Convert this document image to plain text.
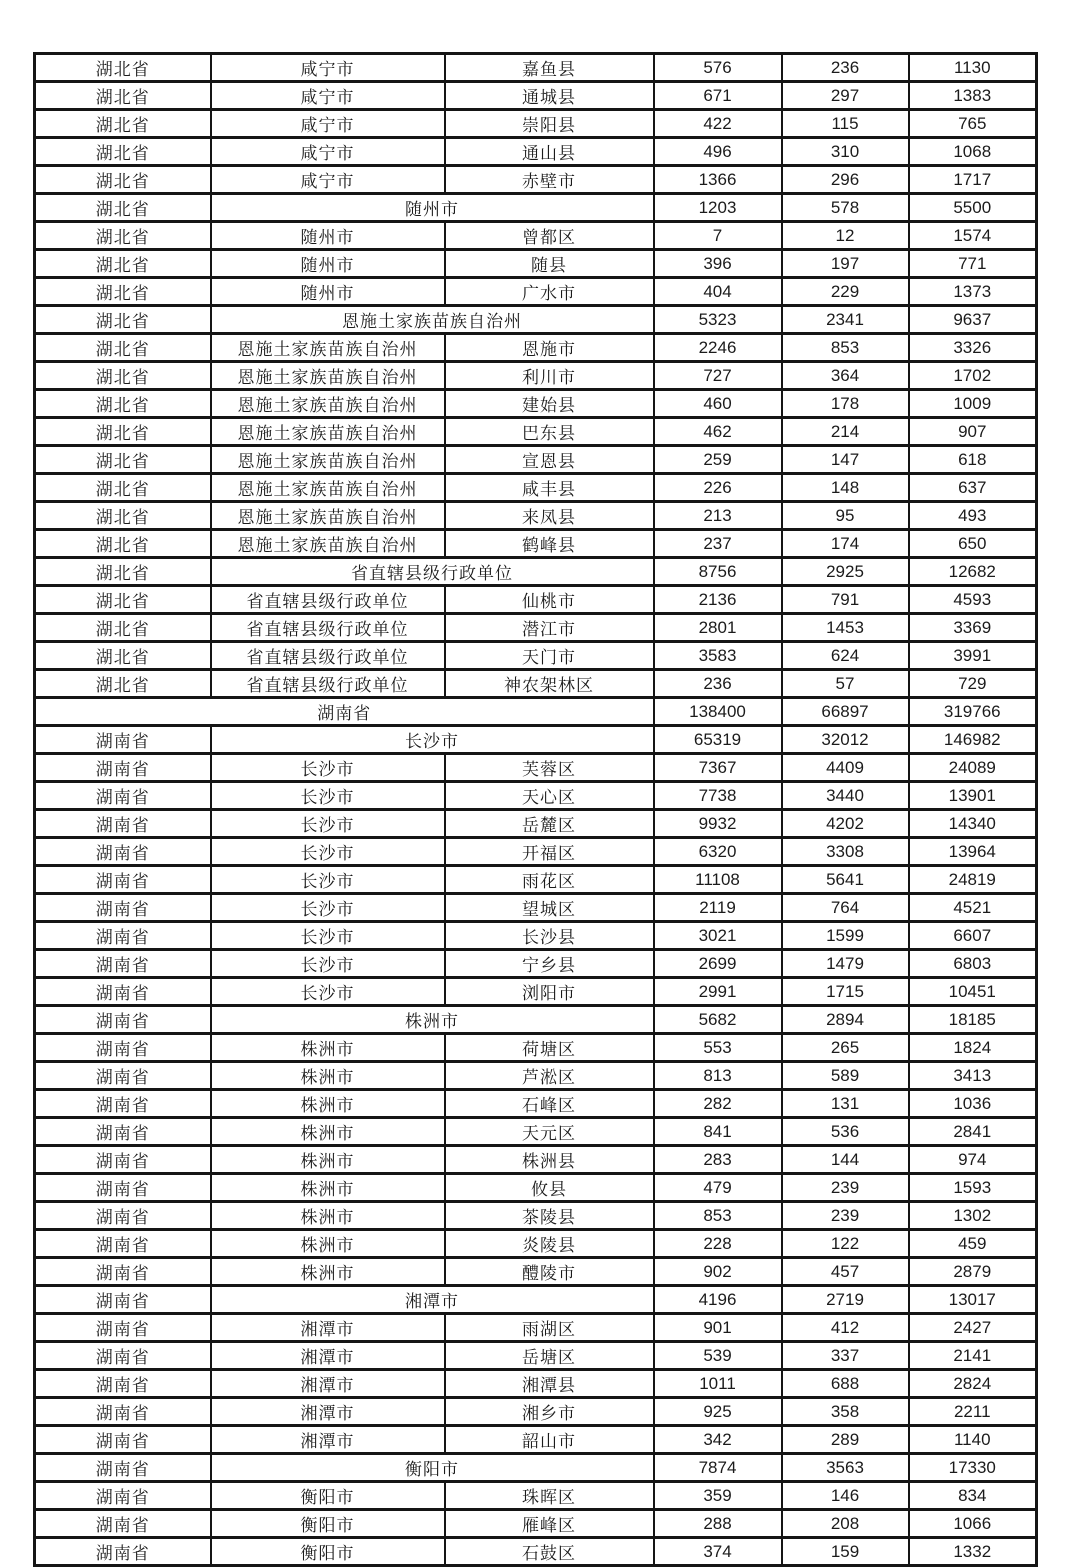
湖北省	咸宁市	嘉鱼县	576	236	1130
湖北省	咸宁市	通城县	671	297	1383
湖北省	咸宁市	崇阳县	422	115	765
湖北省	咸宁市	通山县	496	310	1068
湖北省	咸宁市	赤壁市	1366	296	1717
湖北省	随州市		1203	578	5500
湖北省	随州市	曾都区	7	12	1574
湖北省	随州市	随县	396	197	771
湖北省	随州市	广水市	404	229	1373
湖北省	恩施土家族苗族自治州		5323	2341	9637
湖北省	恩施土家族苗族自治州	恩施市	2246	853	3326
湖北省	恩施土家族苗族自治州	利川市	727	364	1702
湖北省	恩施土家族苗族自治州	建始县	460	178	1009
湖北省	恩施土家族苗族自治州	巴东县	462	214	907
湖北省	恩施土家族苗族自治州	宣恩县	259	147	618
湖北省	恩施土家族苗族自治州	咸丰县	226	148	637
湖北省	恩施土家族苗族自治州	来凤县	213	95	493
湖北省	恩施土家族苗族自治州	鹤峰县	237	174	650
湖北省	省直辖县级行政单位		8756	2925	12682
湖北省	省直辖县级行政单位	仙桃市	2136	791	4593
湖北省	省直辖县级行政单位	潜江市	2801	1453	3369
湖北省	省直辖县级行政单位	天门市	3583	624	3991
湖北省	省直辖县级行政单位	神农架林区	236	57	729
湖南省			138400	66897	319766
湖南省	长沙市		65319	32012	146982
湖南省	长沙市	芙蓉区	7367	4409	24089
湖南省	长沙市	天心区	7738	3440	13901
湖南省	长沙市	岳麓区	9932	4202	14340
湖南省	长沙市	开福区	6320	3308	13964
湖南省	长沙市	雨花区	11108	5641	24819
湖南省	长沙市	望城区	2119	764	4521
湖南省	长沙市	长沙县	3021	1599	6607
湖南省	长沙市	宁乡县	2699	1479	6803
湖南省	长沙市	浏阳市	2991	1715	10451
湖南省	株洲市		5682	2894	18185
湖南省	株洲市	荷塘区	553	265	1824
湖南省	株洲市	芦淞区	813	589	3413
湖南省	株洲市	石峰区	282	131	1036
湖南省	株洲市	天元区	841	536	2841
湖南省	株洲市	株洲县	283	144	974
湖南省	株洲市	攸县	479	239	1593
湖南省	株洲市	茶陵县	853	239	1302
湖南省	株洲市	炎陵县	228	122	459
湖南省	株洲市	醴陵市	902	457	2879
湖南省	湘潭市		4196	2719	13017
湖南省	湘潭市	雨湖区	901	412	2427
湖南省	湘潭市	岳塘区	539	337	2141
湖南省	湘潭市	湘潭县	1011	688	2824
湖南省	湘潭市	湘乡市	925	358	2211
湖南省	湘潭市	韶山市	342	289	1140
湖南省	衡阳市		7874	3563	17330
湖南省	衡阳市	珠晖区	359	146	834
湖南省	衡阳市	雁峰区	288	208	1066
湖南省	衡阳市	石鼓区	374	159	1332
